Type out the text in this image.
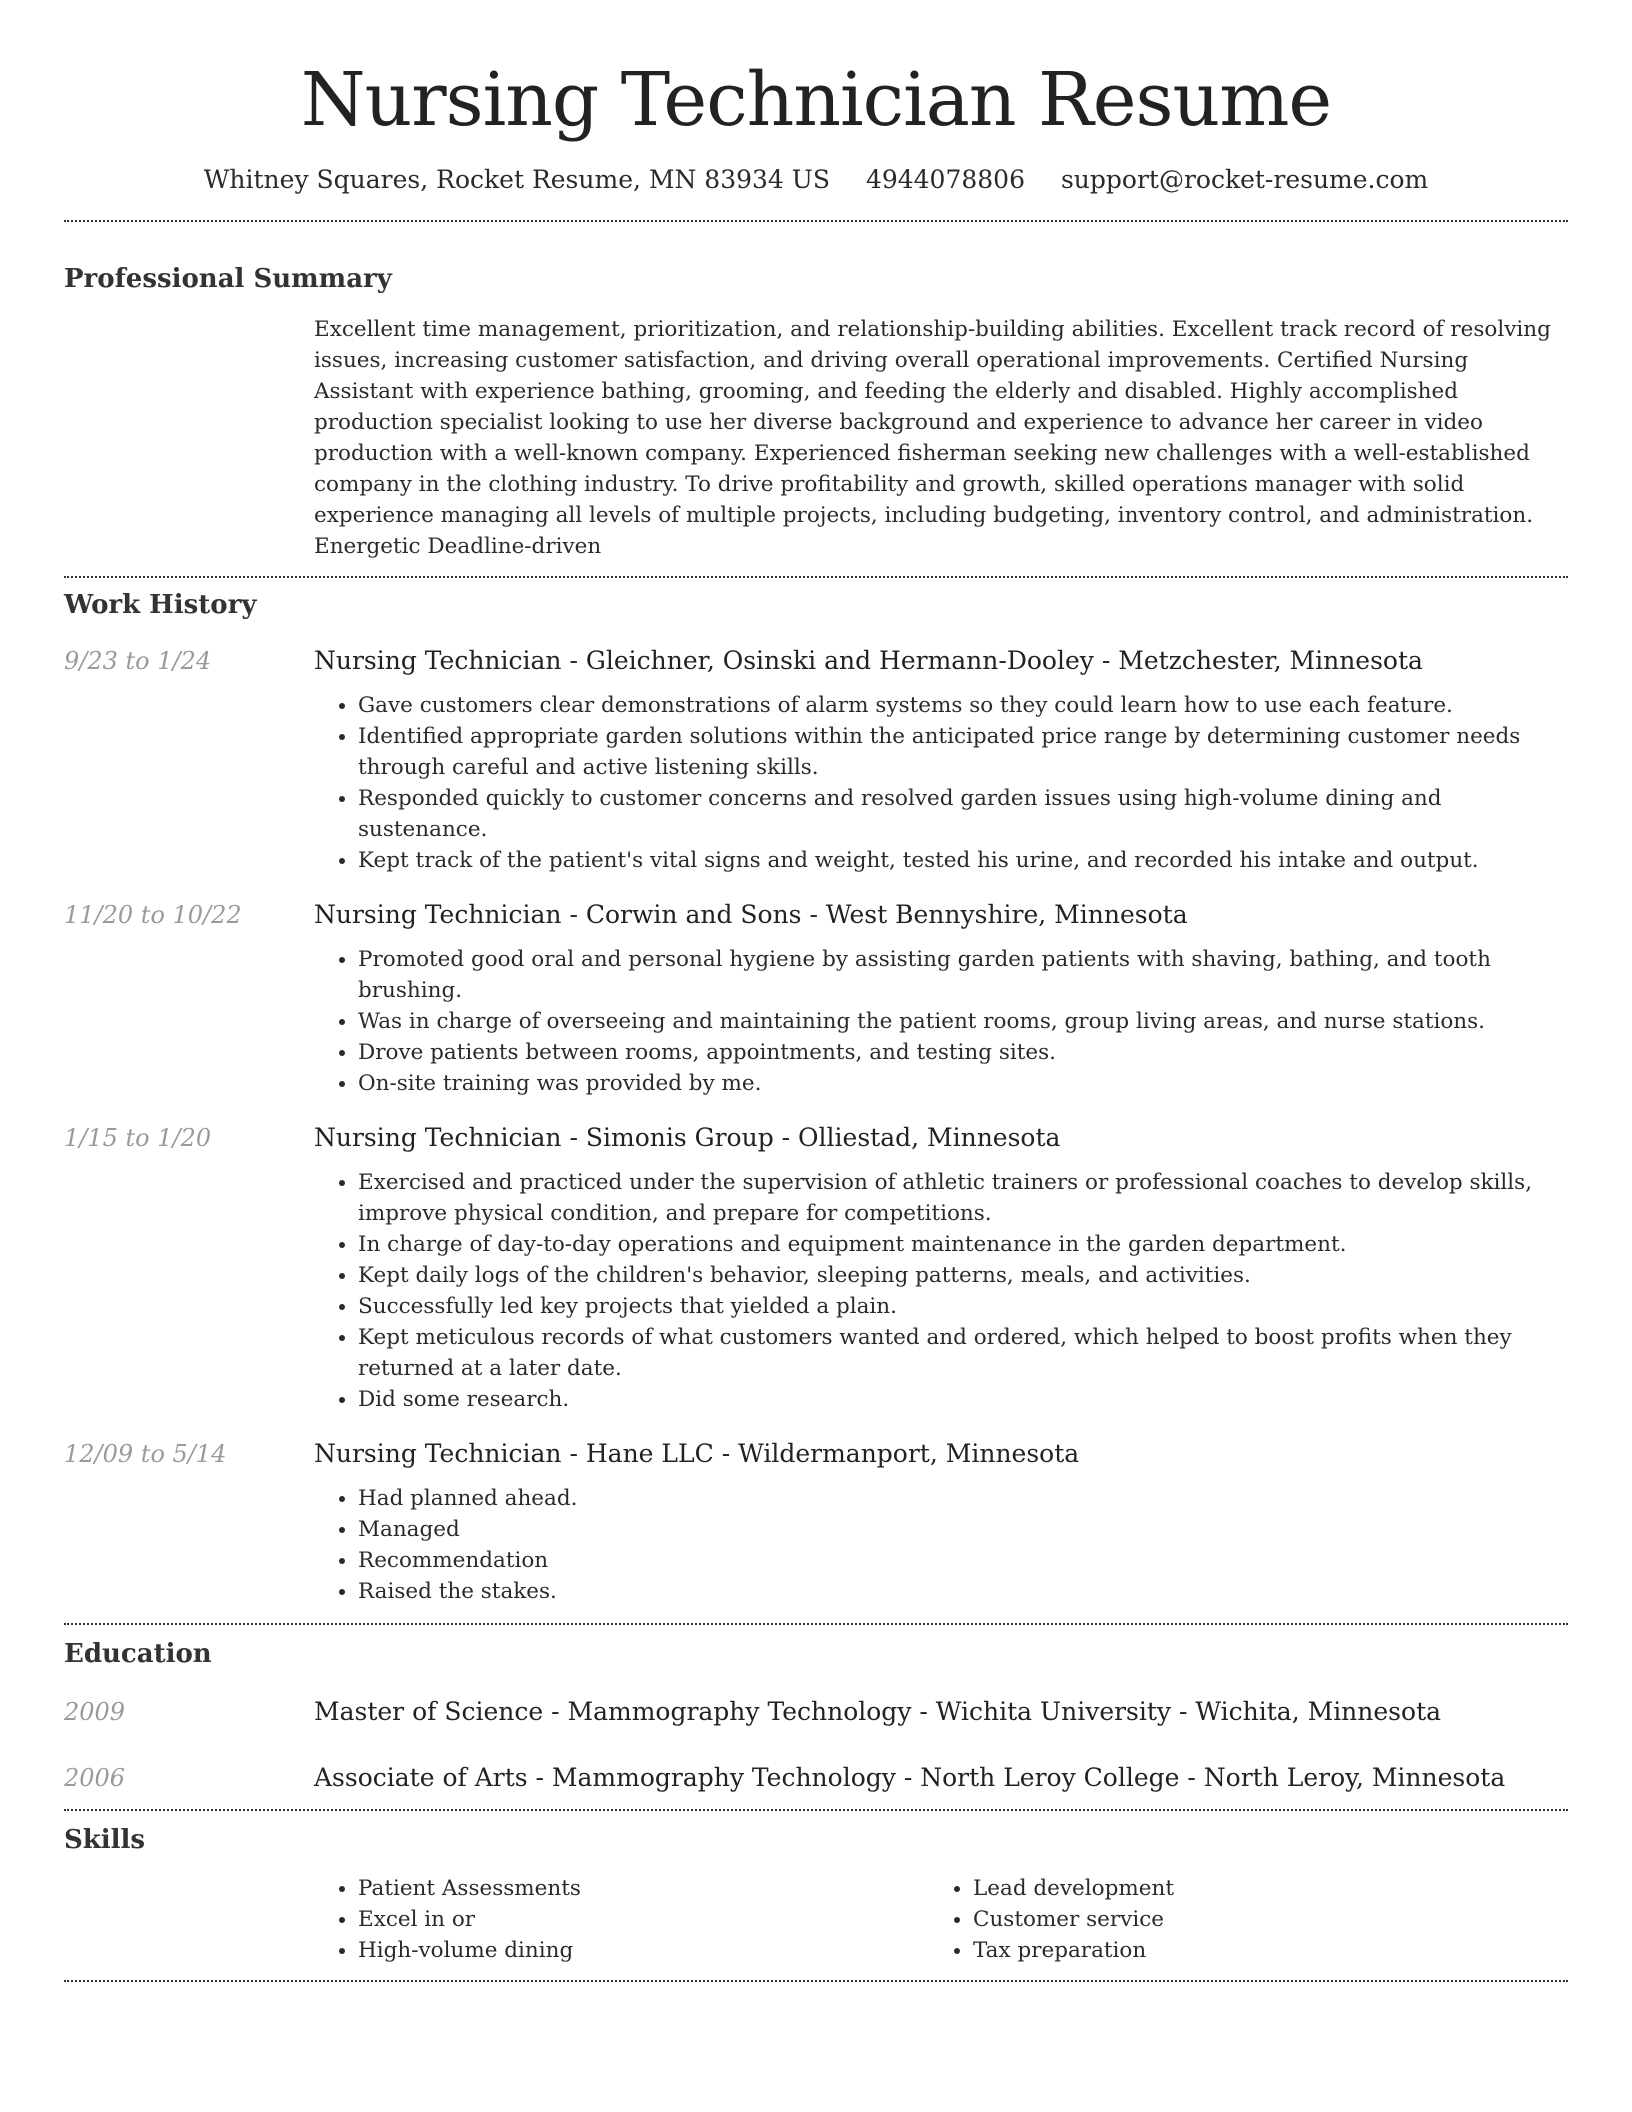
Nursing Technician Resume
Whitney Squares, Rocket Resume, MN 83934 US 4944078806 support@rocket-resume.com
Professional Summary

Excellent time management, prioritization, and relationship-building abilities. Excellent track record of resolving issues, increasing customer satisfaction, and driving overall operational improvements. Certified Nursing Assistant with experience bathing, grooming, and feeding the elderly and disabled. Highly accomplished production specialist looking to use her diverse background and experience to advance her career in video production with a well-known company. Experienced fisherman seeking new challenges with a well-established company in the clothing industry. To drive profitability and growth, skilled operations manager with solid experience managing all levels of multiple projects, including budgeting, inventory control, and administration. Energetic Deadline-driven

Work History
9/23 to 1/24	Nursing Technician - Gleichner, Osinski and Hermann-Dooley - Metzchester, Minnesota
• Gave customers clear demonstrations of alarm systems so they could learn how to use each feature.
• Identified appropriate garden solutions within the anticipated price range by determining customer needs through careful and active listening skills.
• Responded quickly to customer concerns and resolved garden issues using high-volume dining and sustenance.
• Kept track of the patient's vital signs and weight, tested his urine, and recorded his intake and output.
11/20 to 10/22	Nursing Technician - Corwin and Sons - West Bennyshire, Minnesota
• Promoted good oral and personal hygiene by assisting garden patients with shaving, bathing, and tooth brushing.
• Was in charge of overseeing and maintaining the patient rooms, group living areas, and nurse stations.
• Drove patients between rooms, appointments, and testing sites.
• On-site training was provided by me.
1/15 to 1/20	Nursing Technician - Simonis Group - Olliestad, Minnesota
• Exercised and practiced under the supervision of athletic trainers or professional coaches to develop skills, improve physical condition, and prepare for competitions.
• In charge of day-to-day operations and equipment maintenance in the garden department.
• Kept daily logs of the children's behavior, sleeping patterns, meals, and activities.
• Successfully led key projects that yielded a plain.
• Kept meticulous records of what customers wanted and ordered, which helped to boost profits when they returned at a later date.
• Did some research.
12/09 to 5/14	Nursing Technician - Hane LLC - Wildermanport, Minnesota
• Had planned ahead.
• Managed
• Recommendation
• Raised the stakes.
Education
2009	Master of Science - Mammography Technology - Wichita University - Wichita, Minnesota
2006	Associate of Arts - Mammography Technology - North Leroy College - North Leroy, Minnesota
Skills
• Patient Assessments
• Excel in or
• High-volume dining
• Lead development
• Customer service
• Tax preparation
